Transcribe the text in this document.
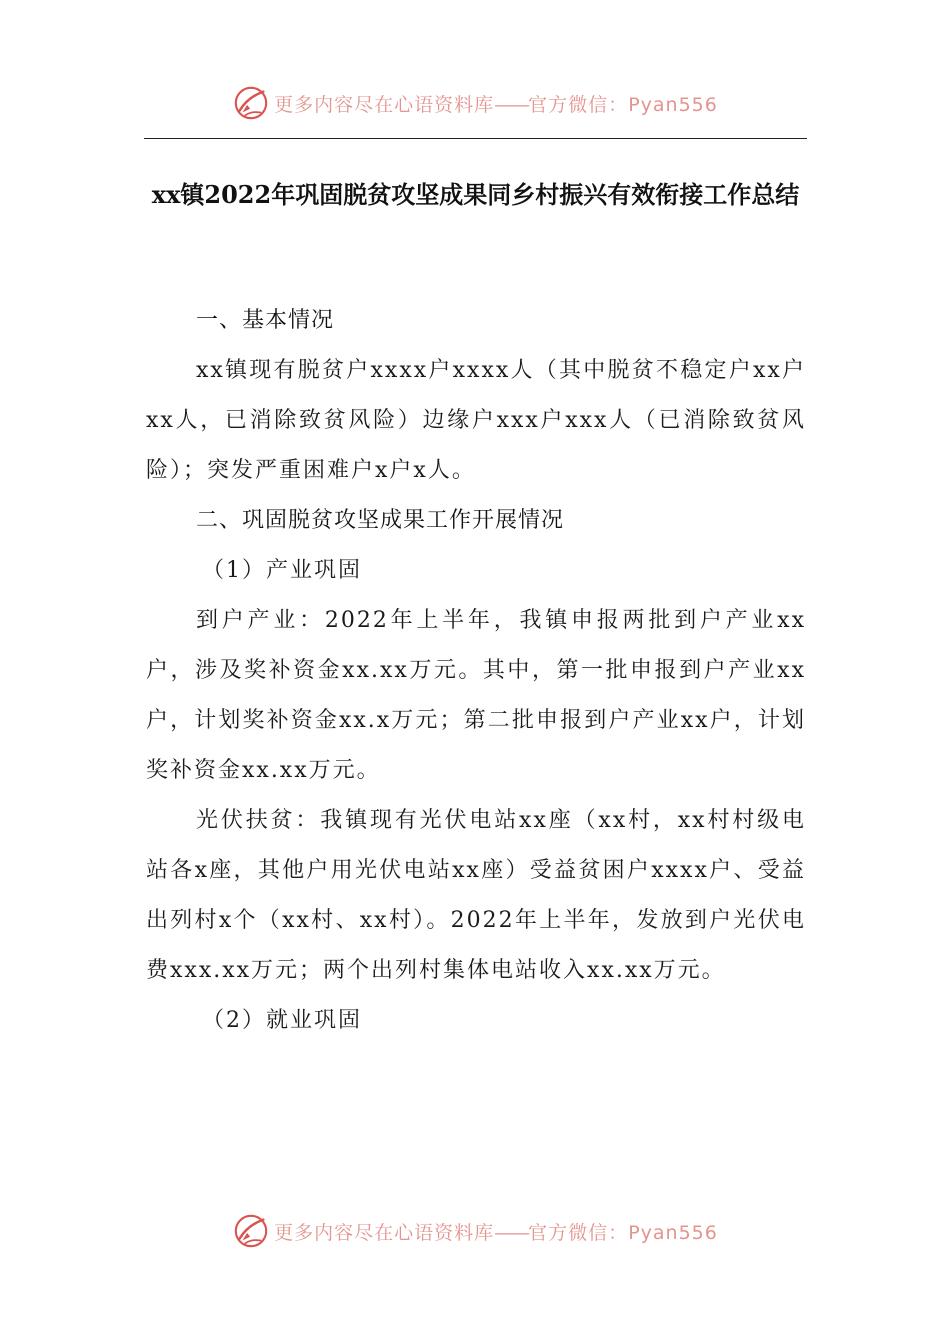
更多内容尽在心语资料库——官方微信：Pyan556
xx镇2022年巩固脱贫攻坚成果同乡村振兴有效衔接工作总结
一、基本情况

xx镇现有脱贫户xxxx户xxxx人（其中脱贫不稳定户xx户xx人，已消除致贫风险）边缘户xxx户xxx人（已消除致贫风险）；突发严重困难户x户x人。

二、巩固脱贫攻坚成果工作开展情况
（1）产业巩固

到户产业：2022年上半年，我镇申报两批到户产业xx户，涉及奖补资金xx.xx万元。其中，第一批申报到户产业xx户，计划奖补资金xx.x万元；第二批申报到户产业xx户，计划奖补资金xx.xx万元。

光伏扶贫：我镇现有光伏电站xx座（xx村，xx村村级电站各x座，其他户用光伏电站xx座）受益贫困户xxxx户、受益出列村x个（xx村、xx村）。2022年上半年，发放到户光伏电费xxx.xx万元；两个出列村集体电站收入xx.xx万元。

（2）就业巩固
更多内容尽在心语资料库——官方微信：Pyan556
